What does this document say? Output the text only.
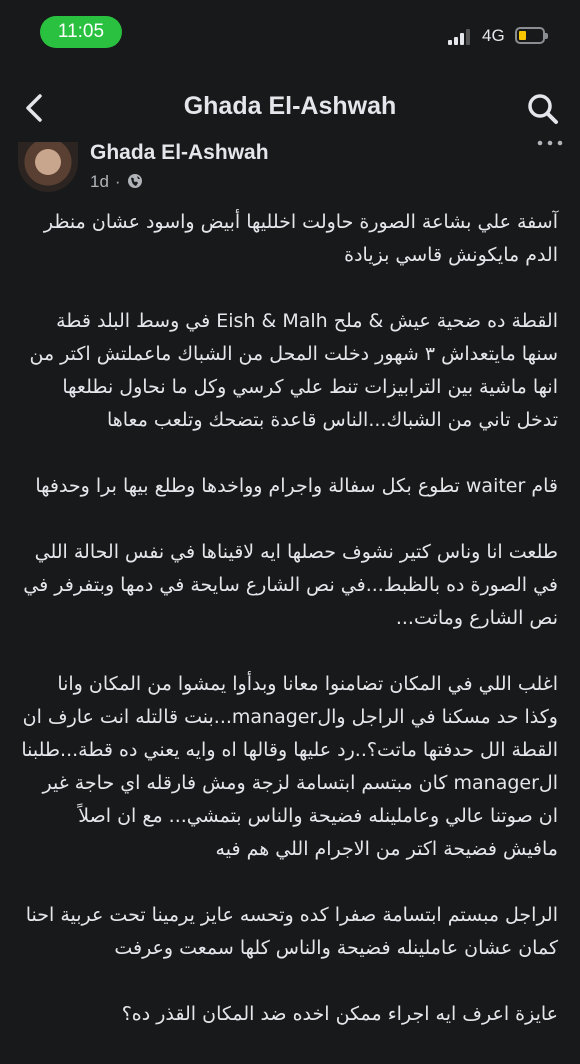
11:05	4G
Ghada El-Ashwah
Ghada El-Ashwah
1d ·

آسفة علي بشاعة الصورة حاولت اخلليها أبيض واسود عشان منظر الدم مايكونش قاسي بزيادة

القطة ده ضحية عيش & ملح Eish & Malh في وسط البلد قطة سنها مايتعداش ٣ شهور دخلت المحل من الشباك ماعملتش اكتر من انها ماشية بين الترابيزات تنط علي كرسي وكل ما نحاول نطلعها تدخل تاني من الشباك...الناس قاعدة بتضحك وتلعب معاها

قام waiter تطوع بكل سفالة واجرام وواخدها وطلع بيها برا وحدفها

طلعت انا وناس كتير نشوف حصلها ايه لاقيناها في نفس الحالة اللي في الصورة ده بالظبط...في نص الشارع سايحة في دمها وبتفرفر في نص الشارع وماتت...

اغلب اللي في المكان تضامنوا معانا وبدأوا يمشوا من المكان وانا وكذا حد مسكنا في الراجل والmanager...بنت قالتله انت عارف ان القطة الل حدفتها ماتت؟..رد عليها وقالها اه وايه يعني ده قطة...طلبنا الmanager كان مبتسم ابتسامة لزجة ومش فارقله اي حاجة غير ان صوتنا عالي وعاملينله فضيحة والناس بتمشي... مع ان اصلاً مافيش فضيحة اكتر من الاجرام اللي هم فيه

الراجل مبستم ابتسامة صفرا كده وتحسه عايز يرمينا تحت عربية احنا كمان عشان عاملينله فضيحة والناس كلها سمعت وعرفت

عايزة اعرف ايه اجراء ممكن اخده ضد المكان القذر ده؟
